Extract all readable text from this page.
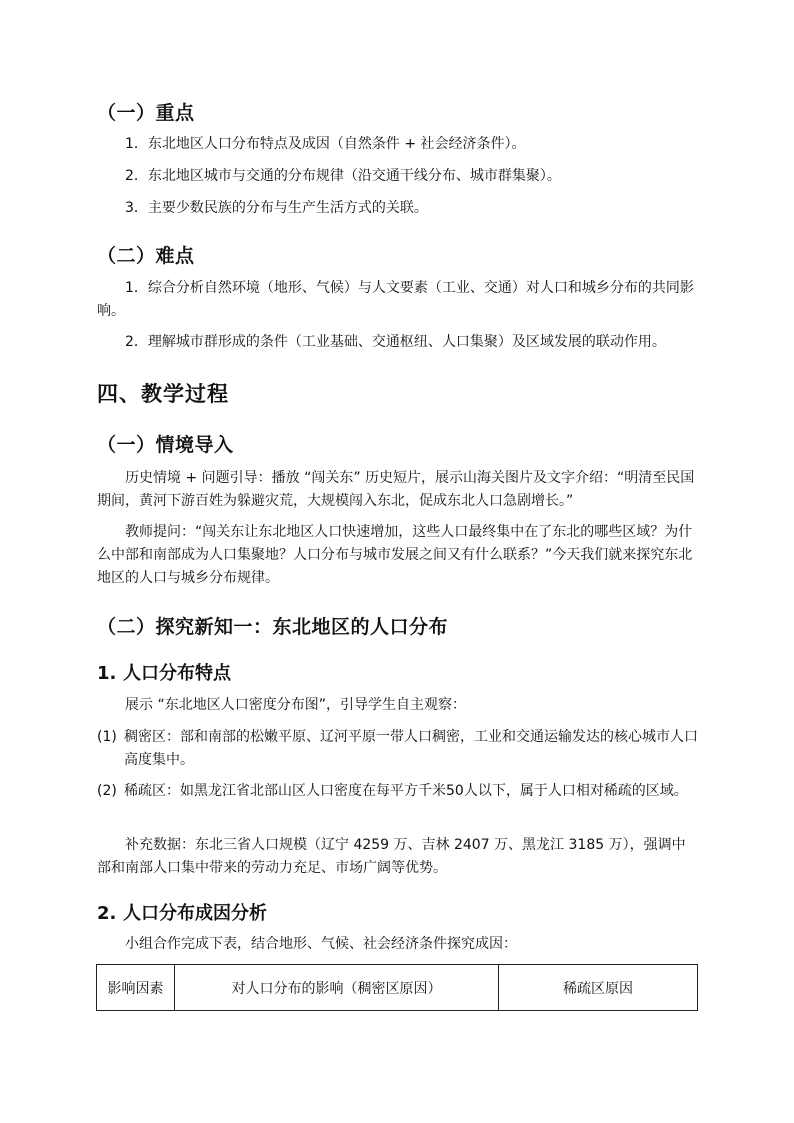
（一）重点
1．东北地区人口分布特点及成因（自然条件 + 社会经济条件）。
2．东北地区城市与交通的分布规律（沿交通干线分布、城市群集聚）。
3．主要少数民族的分布与生产生活方式的关联。
（二）难点
1．综合分析自然环境（地形、气候）与人文要素（工业、交通）对人口和城乡分布的共同影响。
2．理解城市群形成的条件（工业基础、交通枢纽、人口集聚）及区域发展的联动作用。
四、教学过程
（一）情境导入
历史情境 + 问题引导：播放 “闯关东” 历史短片，展示山海关图片及文字介绍：“明清至民国期间，黄河下游百姓为躲避灾荒，大规模闯入东北，促成东北人口急剧增长。”
教师提问：“闯关东让东北地区人口快速增加，这些人口最终集中在了东北的哪些区域？为什么中部和南部成为人口集聚地？人口分布与城市发展之间又有什么联系？”今天我们就来探究东北地区的人口与城乡分布规律。
（二）探究新知一：东北地区的人口分布
1. 人口分布特点
展示 “东北地区人口密度分布图”，引导学生自主观察：
(1) 稠密区：部和南部的松嫩平原、辽河平原一带人口稠密，工业和交通运输发达的核心城市人口高度集中。
(2) 稀疏区：如黑龙江省北部山区人口密度在每平方千米50人以下，属于人口相对稀疏的区域。
补充数据：东北三省人口规模（辽宁 4259 万、吉林 2407 万、黑龙江 3185 万），强调中部和南部人口集中带来的劳动力充足、市场广阔等优势。
2. 人口分布成因分析
小组合作完成下表，结合地形、气候、社会经济条件探究成因：
影响因素	对人口分布的影响（稠密区原因）	稀疏区原因
